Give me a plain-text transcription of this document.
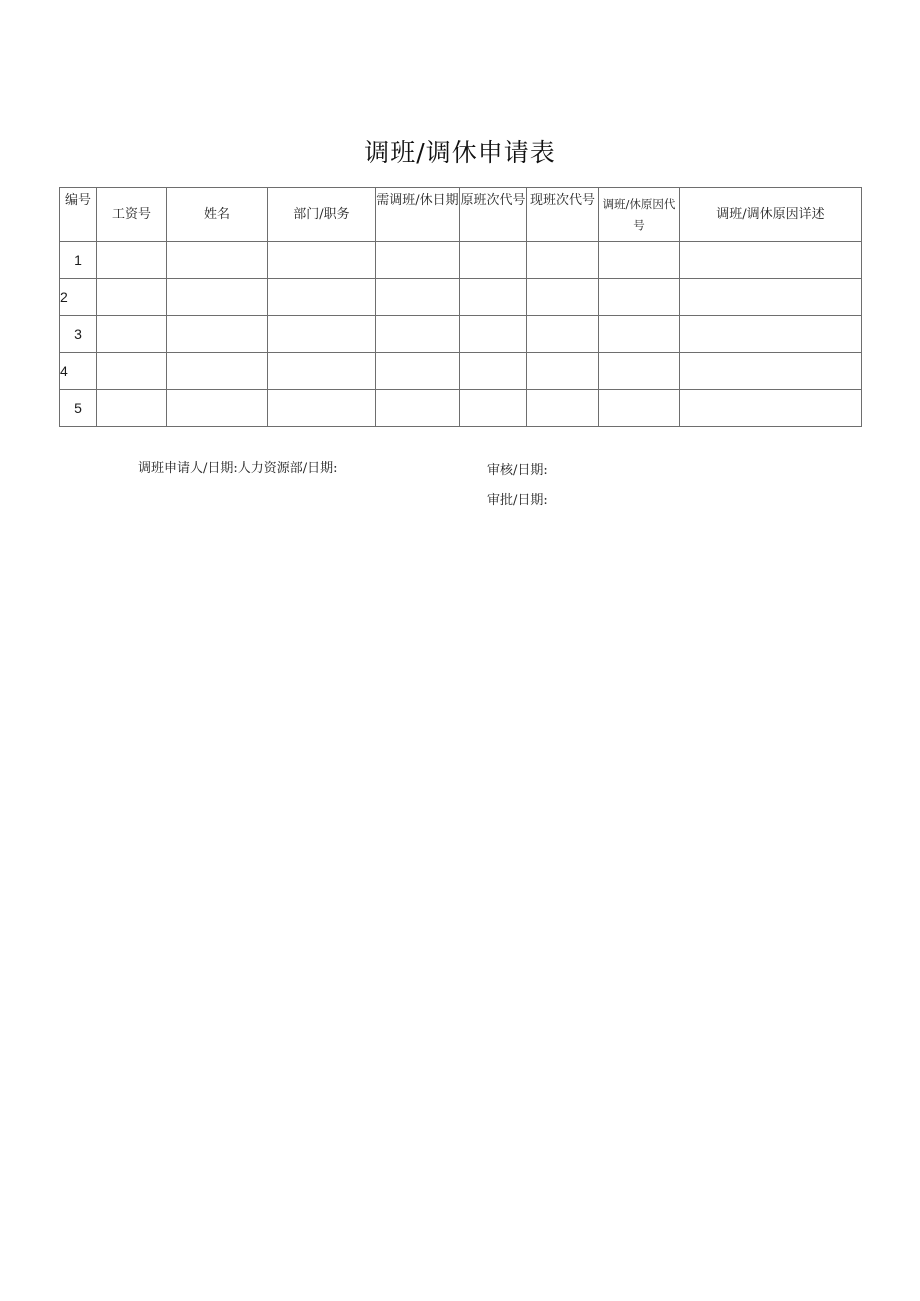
调班/调休申请表
编号	工资号	姓名	部门/职务	需调班/休日期	原班次代号	现班次代号	调班/休原因代号	调班/调休原因详述
1								
2								
3								
4								
5								
调班申请人/日期:人力资源部/日期:	审核/日期:
审批/日期:
